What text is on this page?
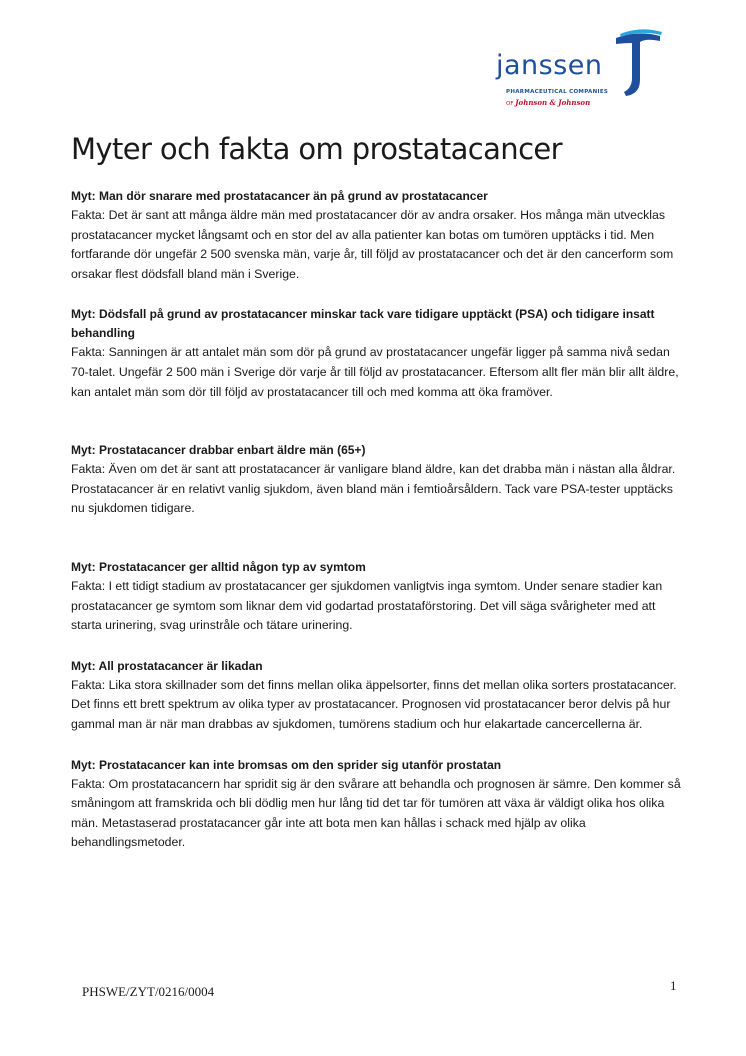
janssen
PHARMACEUTICAL COMPANIES
OF Johnson & Johnson
Myter och fakta om prostatacancer

Myt: Man dör snarare med prostatacancer än på grund av prostatacancer

Fakta: Det är sant att många äldre män med prostatacancer dör av andra orsaker. Hos många män utvecklas prostatacancer mycket långsamt och en stor del av alla patienter kan botas om tumören upptäcks i tid. Men fortfarande dör ungefär 2 500 svenska män, varje år, till följd av prostatacancer och det är den cancerform som orsakar flest dödsfall bland män i Sverige.

Myt: Dödsfall på grund av prostatacancer minskar tack vare tidigare upptäckt (PSA) och tidigare insatt behandling

Fakta: Sanningen är att antalet män som dör på grund av prostatacancer ungefär ligger på samma nivå sedan 70-talet. Ungefär 2 500 män i Sverige dör varje år till följd av prostatacancer. Eftersom allt fler män blir allt äldre, kan antalet män som dör till följd av prostatacancer till och med komma att öka framöver.

Myt: Prostatacancer drabbar enbart äldre män (65+)

Fakta: Även om det är sant att prostatacancer är vanligare bland äldre, kan det drabba män i nästan alla åldrar. Prostatacancer är en relativt vanlig sjukdom, även bland män i femtioårsåldern. Tack vare PSA-tester upptäcks nu sjukdomen tidigare.

Myt: Prostatacancer ger alltid någon typ av symtom

Fakta: I ett tidigt stadium av prostatacancer ger sjukdomen vanligtvis inga symtom. Under senare stadier kan prostatacancer ge symtom som liknar dem vid godartad prostataförstoring. Det vill säga svårigheter med att starta urinering, svag urinstråle och tätare urinering.

Myt: All prostatacancer är likadan

Fakta: Lika stora skillnader som det finns mellan olika äppelsorter, finns det mellan olika sorters prostatacancer. Det finns ett brett spektrum av olika typer av prostatacancer. Prognosen vid prostatacancer beror delvis på hur gammal man är när man drabbas av sjukdomen, tumörens stadium och hur elakartade cancercellerna är.

Myt: Prostatacancer kan inte bromsas om den sprider sig utanför prostatan

Fakta: Om prostatacancern har spridit sig är den svårare att behandla och prognosen är sämre. Den kommer så småningom att framskrida och bli dödlig men hur lång tid det tar för tumören att växa är väldigt olika hos olika män. Metastaserad prostatacancer går inte att bota men kan hållas i schack med hjälp av olika behandlingsmetoder.

PHSWE/ZYT/0216/0004	1
